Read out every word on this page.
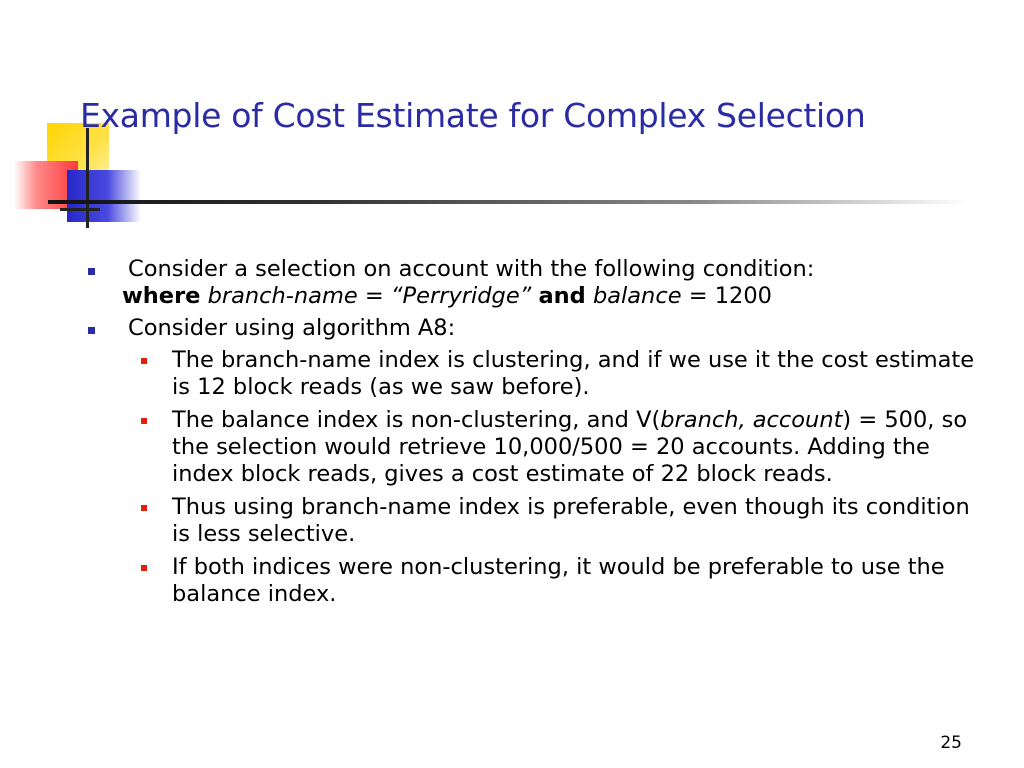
Example of Cost Estimate for Complex Selection
Consider a selection on account with the following condition:
where branch-name = “Perryridge” and balance = 1200
Consider using algorithm A8:
The branch-name index is clustering, and if we use it the cost estimate is 12 block reads (as we saw before).
The balance index is non-clustering, and V(branch, account) = 500, so the selection would retrieve 10,000/500 = 20 accounts. Adding the index block reads, gives a cost estimate of 22 block reads.
Thus using branch-name index is preferable, even though its condition is less selective.
If both indices were non-clustering, it would be preferable to use the balance index.
25
